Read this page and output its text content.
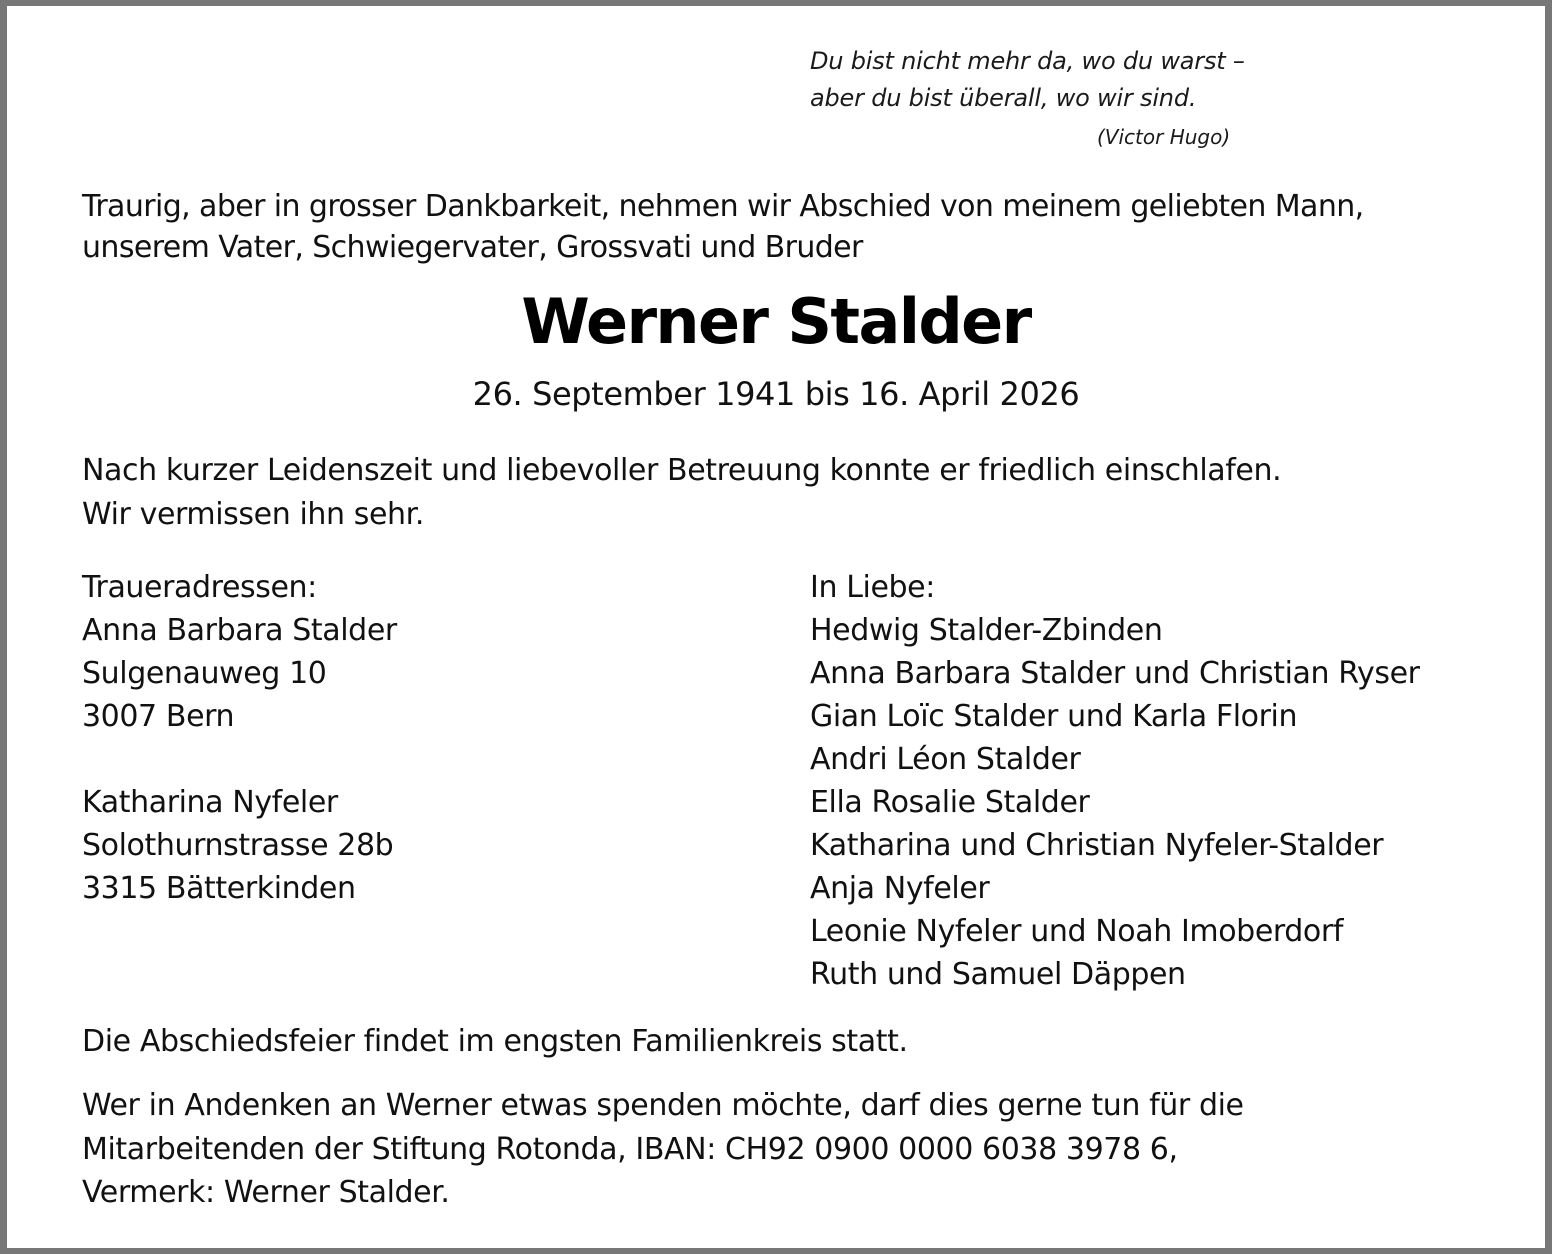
Du bist nicht mehr da, wo du warst –
aber du bist überall, wo wir sind.
(Victor Hugo)
Traurig, aber in grosser Dankbarkeit, nehmen wir Abschied von meinem geliebten Mann,
unserem Vater, Schwiegervater, Grossvati und Bruder
Werner Stalder
26. September 1941 bis 16. April 2026
Nach kurzer Leidenszeit und liebevoller Betreuung konnte er friedlich einschlafen.
Wir vermissen ihn sehr.
Traueradressen:
Anna Barbara Stalder
Sulgenauweg 10
3007 Bern
Katharina Nyfeler
Solothurnstrasse 28b
3315 Bätterkinden
In Liebe:
Hedwig Stalder-Zbinden
Anna Barbara Stalder und Christian Ryser
Gian Loïc Stalder und Karla Florin
Andri Léon Stalder
Ella Rosalie Stalder
Katharina und Christian Nyfeler-Stalder
Anja Nyfeler
Leonie Nyfeler und Noah Imoberdorf
Ruth und Samuel Däppen
Die Abschiedsfeier findet im engsten Familienkreis statt.
Wer in Andenken an Werner etwas spenden möchte, darf dies gerne tun für die
Mitarbeitenden der Stiftung Rotonda, IBAN: CH92 0900 0000 6038 3978 6,
Vermerk: Werner Stalder.
